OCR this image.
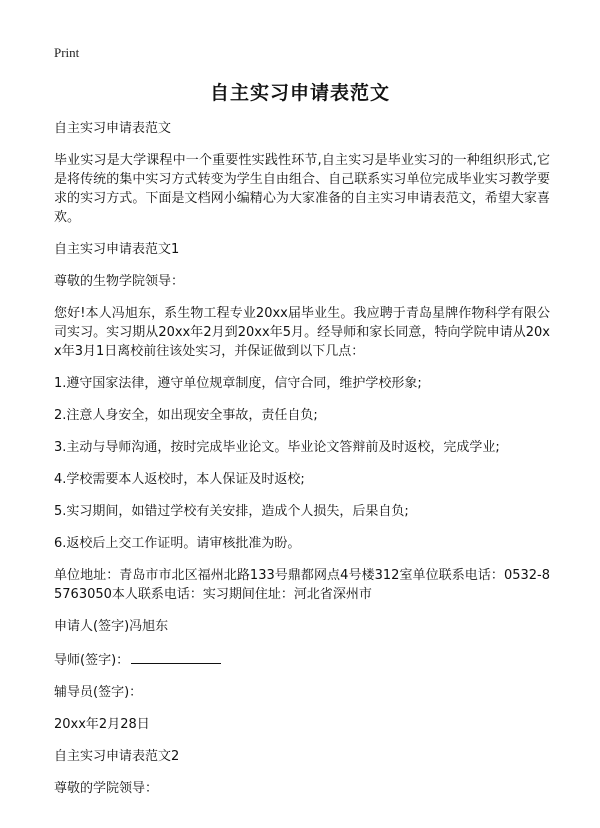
Print
自主实习申请表范文

自主实习申请表范文

毕业实习是大学课程中一个重要性实践性环节,自主实习是毕业实习的一种组织形式,它是将传统的集中实习方式转变为学生自由组合、自己联系实习单位完成毕业实习教学要求的实习方式。下面是文档网小编精心为大家准备的自主实习申请表范文，希望大家喜欢。

自主实习申请表范文1

尊敬的生物学院领导：

您好!本人冯旭东，系生物工程专业20xx届毕业生。我应聘于青岛星牌作物科学有限公司实习。实习期从20xx年2月到20xx年5月。经导师和家长同意，特向学院申请从20xx年3月1日离校前往该处实习，并保证做到以下几点：

1.遵守国家法律，遵守单位规章制度，信守合同，维护学校形象;

2.注意人身安全，如出现安全事故，责任自负;

3.主动与导师沟通，按时完成毕业论文。毕业论文答辩前及时返校，完成学业;

4.学校需要本人返校时，本人保证及时返校;

5.实习期间，如错过学校有关安排，造成个人损失，后果自负;

6.返校后上交工作证明。请审核批准为盼。

单位地址：青岛市市北区福州北路133号鼎都网点4号楼312室单位联系电话：0532-85763050本人联系电话：实习期间住址：河北省深州市

申请人(签字)冯旭东

导师(签字)：

辅导员(签字)：

20xx年2月28日

自主实习申请表范文2

尊敬的学院领导：
